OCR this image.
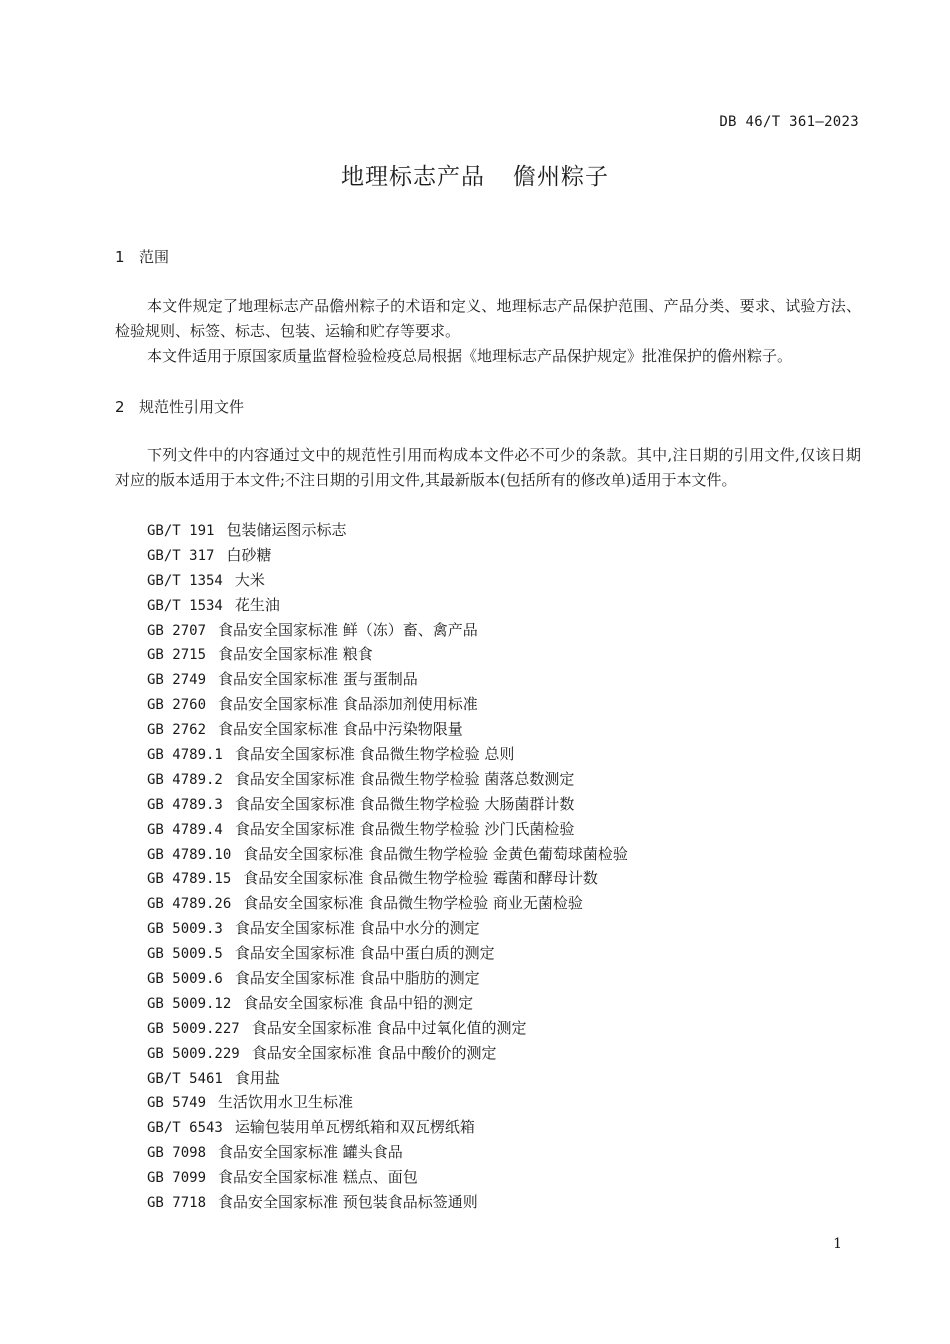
DB 46/T 361—2023
地理标志产品 儋州粽子
1 范围

本文件规定了地理标志产品儋州粽子的术语和定义、地理标志产品保护范围、产品分类、要求、试验方法、检验规则、标签、标志、包装、运输和贮存等要求。

本文件适用于原国家质量监督检验检疫总局根据《地理标志产品保护规定》批准保护的儋州粽子。

2 规范性引用文件

下列文件中的内容通过文中的规范性引用而构成本文件必不可少的条款。其中,注日期的引用文件,仅该日期对应的版本适用于本文件;不注日期的引用文件,其最新版本(包括所有的修改单)适用于本文件。

GB/T 191 包装储运图示标志
GB/T 317 白砂糖
GB/T 1354 大米
GB/T 1534 花生油
GB 2707 食品安全国家标准 鲜（冻）畜、禽产品
GB 2715 食品安全国家标准 粮食
GB 2749 食品安全国家标准 蛋与蛋制品
GB 2760 食品安全国家标准 食品添加剂使用标准
GB 2762 食品安全国家标准 食品中污染物限量
GB 4789.1 食品安全国家标准 食品微生物学检验 总则
GB 4789.2 食品安全国家标准 食品微生物学检验 菌落总数测定
GB 4789.3 食品安全国家标准 食品微生物学检验 大肠菌群计数
GB 4789.4 食品安全国家标准 食品微生物学检验 沙门氏菌检验
GB 4789.10 食品安全国家标准 食品微生物学检验 金黄色葡萄球菌检验
GB 4789.15 食品安全国家标准 食品微生物学检验 霉菌和酵母计数
GB 4789.26 食品安全国家标准 食品微生物学检验 商业无菌检验
GB 5009.3 食品安全国家标准 食品中水分的测定
GB 5009.5 食品安全国家标准 食品中蛋白质的测定
GB 5009.6 食品安全国家标准 食品中脂肪的测定
GB 5009.12 食品安全国家标准 食品中铅的测定
GB 5009.227 食品安全国家标准 食品中过氧化值的测定
GB 5009.229 食品安全国家标准 食品中酸价的测定
GB/T 5461 食用盐
GB 5749 生活饮用水卫生标准
GB/T 6543 运输包装用单瓦楞纸箱和双瓦楞纸箱
GB 7098 食品安全国家标准 罐头食品
GB 7099 食品安全国家标准 糕点、面包
GB 7718 食品安全国家标准 预包装食品标签通则
1
